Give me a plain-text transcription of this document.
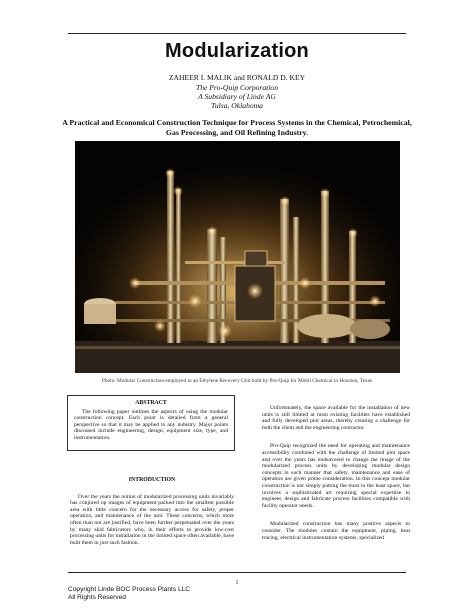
Modularization
ZAHEER I. MALIK and RONALD D. KEY
The Pro-Quip Corporation
A Subsidiary of Linde AG
Tulsa, Oklahoma
A Practical and Economical Construction Technique for Process Systems in the Chemical, Petrochemical, Gas Processing, and Oil Refining Industry.
Photo: Modular Construction employed in an Ethylene Recovery Unit built by Pro-Quip for Mobil Chemical in Houston, Texas
ABSTRACT

The following paper outlines the aspects of using the modular construction concept. Each point is detailed from a general perspective so that it may be applied to any industry. Major points discussed include engineering, design, equipment size, type, and instrumentation.

INTRODUCTION

Over the years the notion of modularized processing units invariably has conjured up images of equipment packed into the smallest possible area with little concern for the necessary access for safety, proper operation, and maintenance of the unit. These concerns, which more often than not are justified, have been further perpetuated over the years by many skid fabricators who, in their efforts to provide low-cost processing units for installation in the limited space often available, have built them in just such fashion.

Unfortunately, the space available for the installation of new units is still limited at most existing facilities have established and fully developed plot areas, thereby creating a challenge for both the client and the engineering contractor.

Pro-Quip recognized the need for operating and maintenance accessibility combined with the challenge of limited plot space and over the years has endeavored to change the image of the modularized process units by developing modular design concepts in such manner that safety, maintenance and ease of operation are given prime consideration. In this concept modular construction is not simply putting the most in the least space, but involves a sophisticated art requiring special expertise to engineer, design and fabricate process facilities compatible with facility operator needs.

Modularized construction has many positive aspects to consider. The modules contain the equipment, piping, heat tracing, electrical instrumentation systems, specialized

1
Copyright Linde BOC Process Plants LLC
All Rights Reserved
